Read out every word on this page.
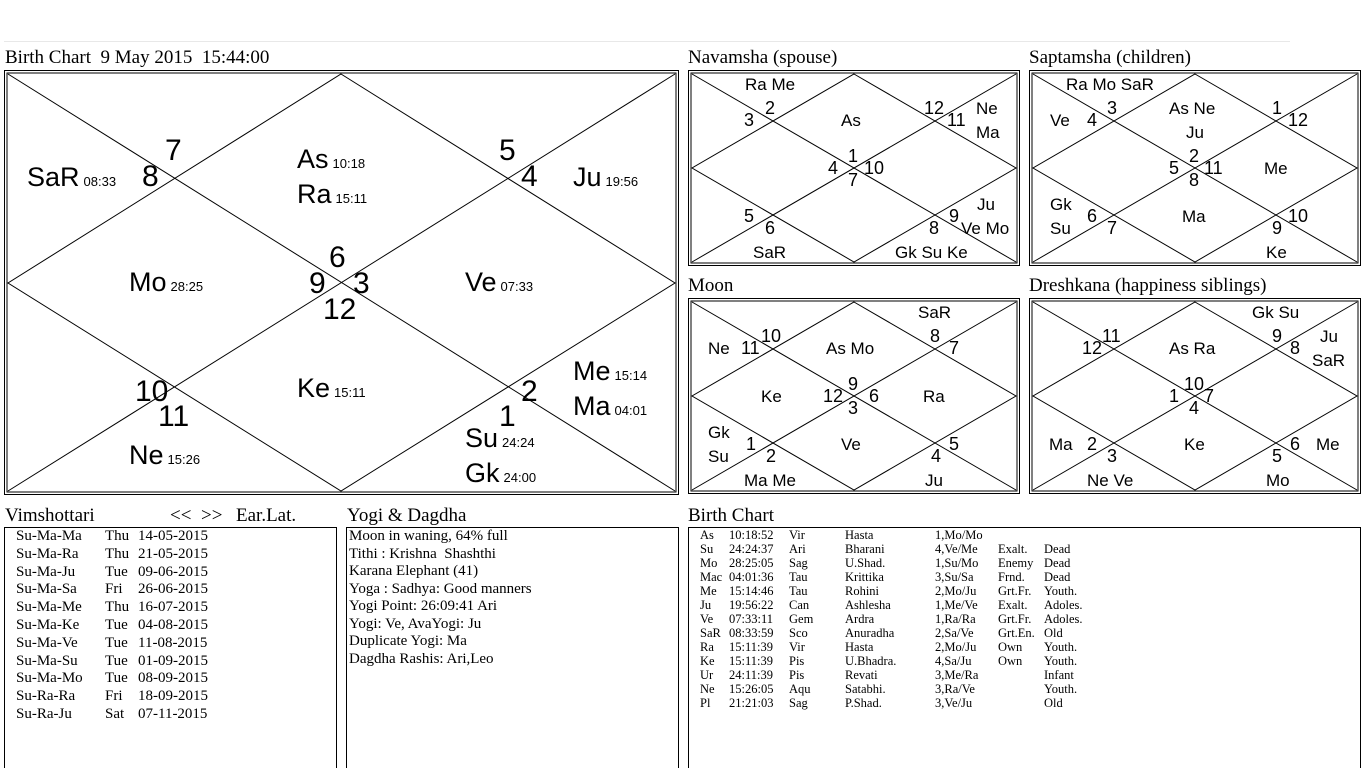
Birth Chart  9 May 2015  15:44:00
6
9 3
12
7
8
5
4
10
11
2
1
SaR 08:33
As 10:18
Ra 15:11
Ju 19:56
Mo 28:25	Ve 07:33
Ke 15:11
Me 15:14
Ma 04:01
Ne 15:26
Su 24:24
Gk 24:00
Navamsha (spouse)
1
4 10
7
2
3
12
11
5
6	8
9
Ra Me
As
Ne
Ma
SaR	Gk Su Ke
Ju
Ve Mo
Saptamsha (children)
3
4
1
12
2
5 11
8
6
7	9
10
Ra Mo SaR
Ve
As Ne
Ju
Me
Gk
Su
Ma
Ke
Moon
11
10	8
7
9
12 6
3
1
2	4
5
SaR
Ne	As Mo
Ke	Ra
Gk
Su
Ve
Ma Me	Ju
Dreshkana (happiness siblings)
12
11	9
8
10
1 7
4
2
3	5
6
Gk Su
Ju
SaR
As Ra
Ma	Ke	Me
Ne Ve	Mo
Vimshottari	<< >> Ear.Lat.
Su-Ma-Ma Thu 14-05-2015
Su-Ma-Ra Thu 21-05-2015
Su-Ma-Ju Tue 09-06-2015
Su-Ma-Sa Fri 26-06-2015
Su-Ma-Me Thu 16-07-2015
Su-Ma-Ke Tue 04-08-2015
Su-Ma-Ve Tue 11-08-2015
Su-Ma-Su Tue 01-09-2015
Su-Ma-Mo Tue 08-09-2015
Su-Ra-Ra Fri 18-09-2015
Su-Ra-Ju Sat 07-11-2015
Yogi & Dagdha
Moon in waning, 64% full
Tithi : Krishna  Shashthi
Karana Elephant (41)
Yoga : Sadhya: Good manners
Yogi Point: 26:09:41 Ari
Yogi: Ve, AvaYogi: Ju
Duplicate Yogi: Ma
Dagdha Rashis: Ari,Leo
Birth Chart
As 10:18:52 Vir	Hasta	1,Mo/Mo
Su 24:24:37 Ari	Bharani	4,Ve/Me Exalt. Dead
Mo 28:25:05 Sag	U.Shad.	1,Su/Mo Enemy Dead
Mac 04:01:36 Tau	Krittika	3,Su/Sa Frnd. Dead
Me 15:14:46 Tau	Rohini	2,Mo/Ju Grt.Fr. Youth.
Ju 19:56:22 Can	Ashlesha	1,Me/Ve Exalt. Adoles.
Ve 07:33:11 Gem	Ardra	1,Ra/Ra Grt.Fr. Adoles.
SaR 08:33:59 Sco	Anuradha	2,Sa/Ve Grt.En. Old
Ra 15:11:39 Vir	Hasta	2,Mo/Ju Own Youth.
Ke 15:11:39 Pis	U.Bhadra.	4,Sa/Ju Own Youth.
Ur 24:11:39 Pis	Revati	3,Me/Ra	Infant
Ne 15:26:05 Aqu	Satabhi.	3,Ra/Ve	Youth.
Pl 21:21:03 Sag	P.Shad.	3,Ve/Ju	Old
